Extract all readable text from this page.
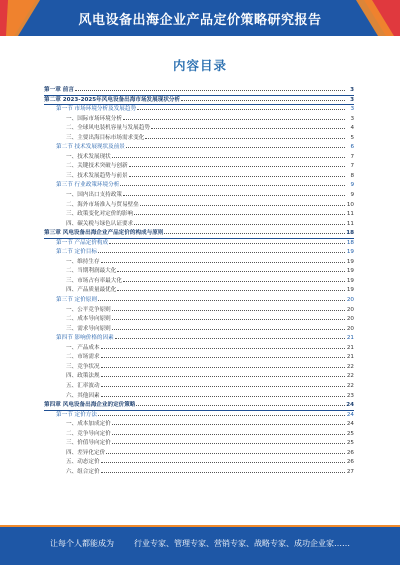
风电设备出海企业产品定价策略研究报告
内容目录
第一章 前言	3
第二章 2023-2025年风电设备出海市场发展现状分析	3
第一节 市场环境分析及发展趋势	3
一、国际市场环境分析	3
二、全球风电装机容量与发展趋势	4
三、主要出海目标市场需求变化	5
第二节 技术发展现状及前景	6
一、技术发展现状	7
二、关键技术突破与创新	7
三、技术发展趋势与前景	8
第三节 行业政策环境分析	9
一、国内出口支持政策	9
二、海外市场准入与贸易壁垒	10
三、政策变化对定价的影响	11
四、碳关税与绿色认证要求	11
第三章 风电设备出海企业产品定价的构成与原则	18
第一节 产品定价构成	18
第二节 定价目标	19
一、维持生存	19
二、当期利润最大化	19
三、市场占有率最大化	19
四、产品质量最优化	19
第三节 定价原则	20
一、公平竞争原则	20
二、成本导向原则	20
三、需求导向原则	20
第四节 影响价格的因素	21
一、产品成本	21
二、市场需求	21
三、竞争状况	22
四、政策法规	22
五、汇率波动	22
六、其他因素	23
第四章 风电设备出海企业的定价策略	24
第一节 定价方法	24
一、成本加成定价	24
二、竞争导向定价	25
三、价值导向定价	25
四、差异化定价	26
五、动态定价	26
六、组合定价	27
让每个人都能成为	行业专家、管理专家、营销专家、战略专家、成功企业家……
